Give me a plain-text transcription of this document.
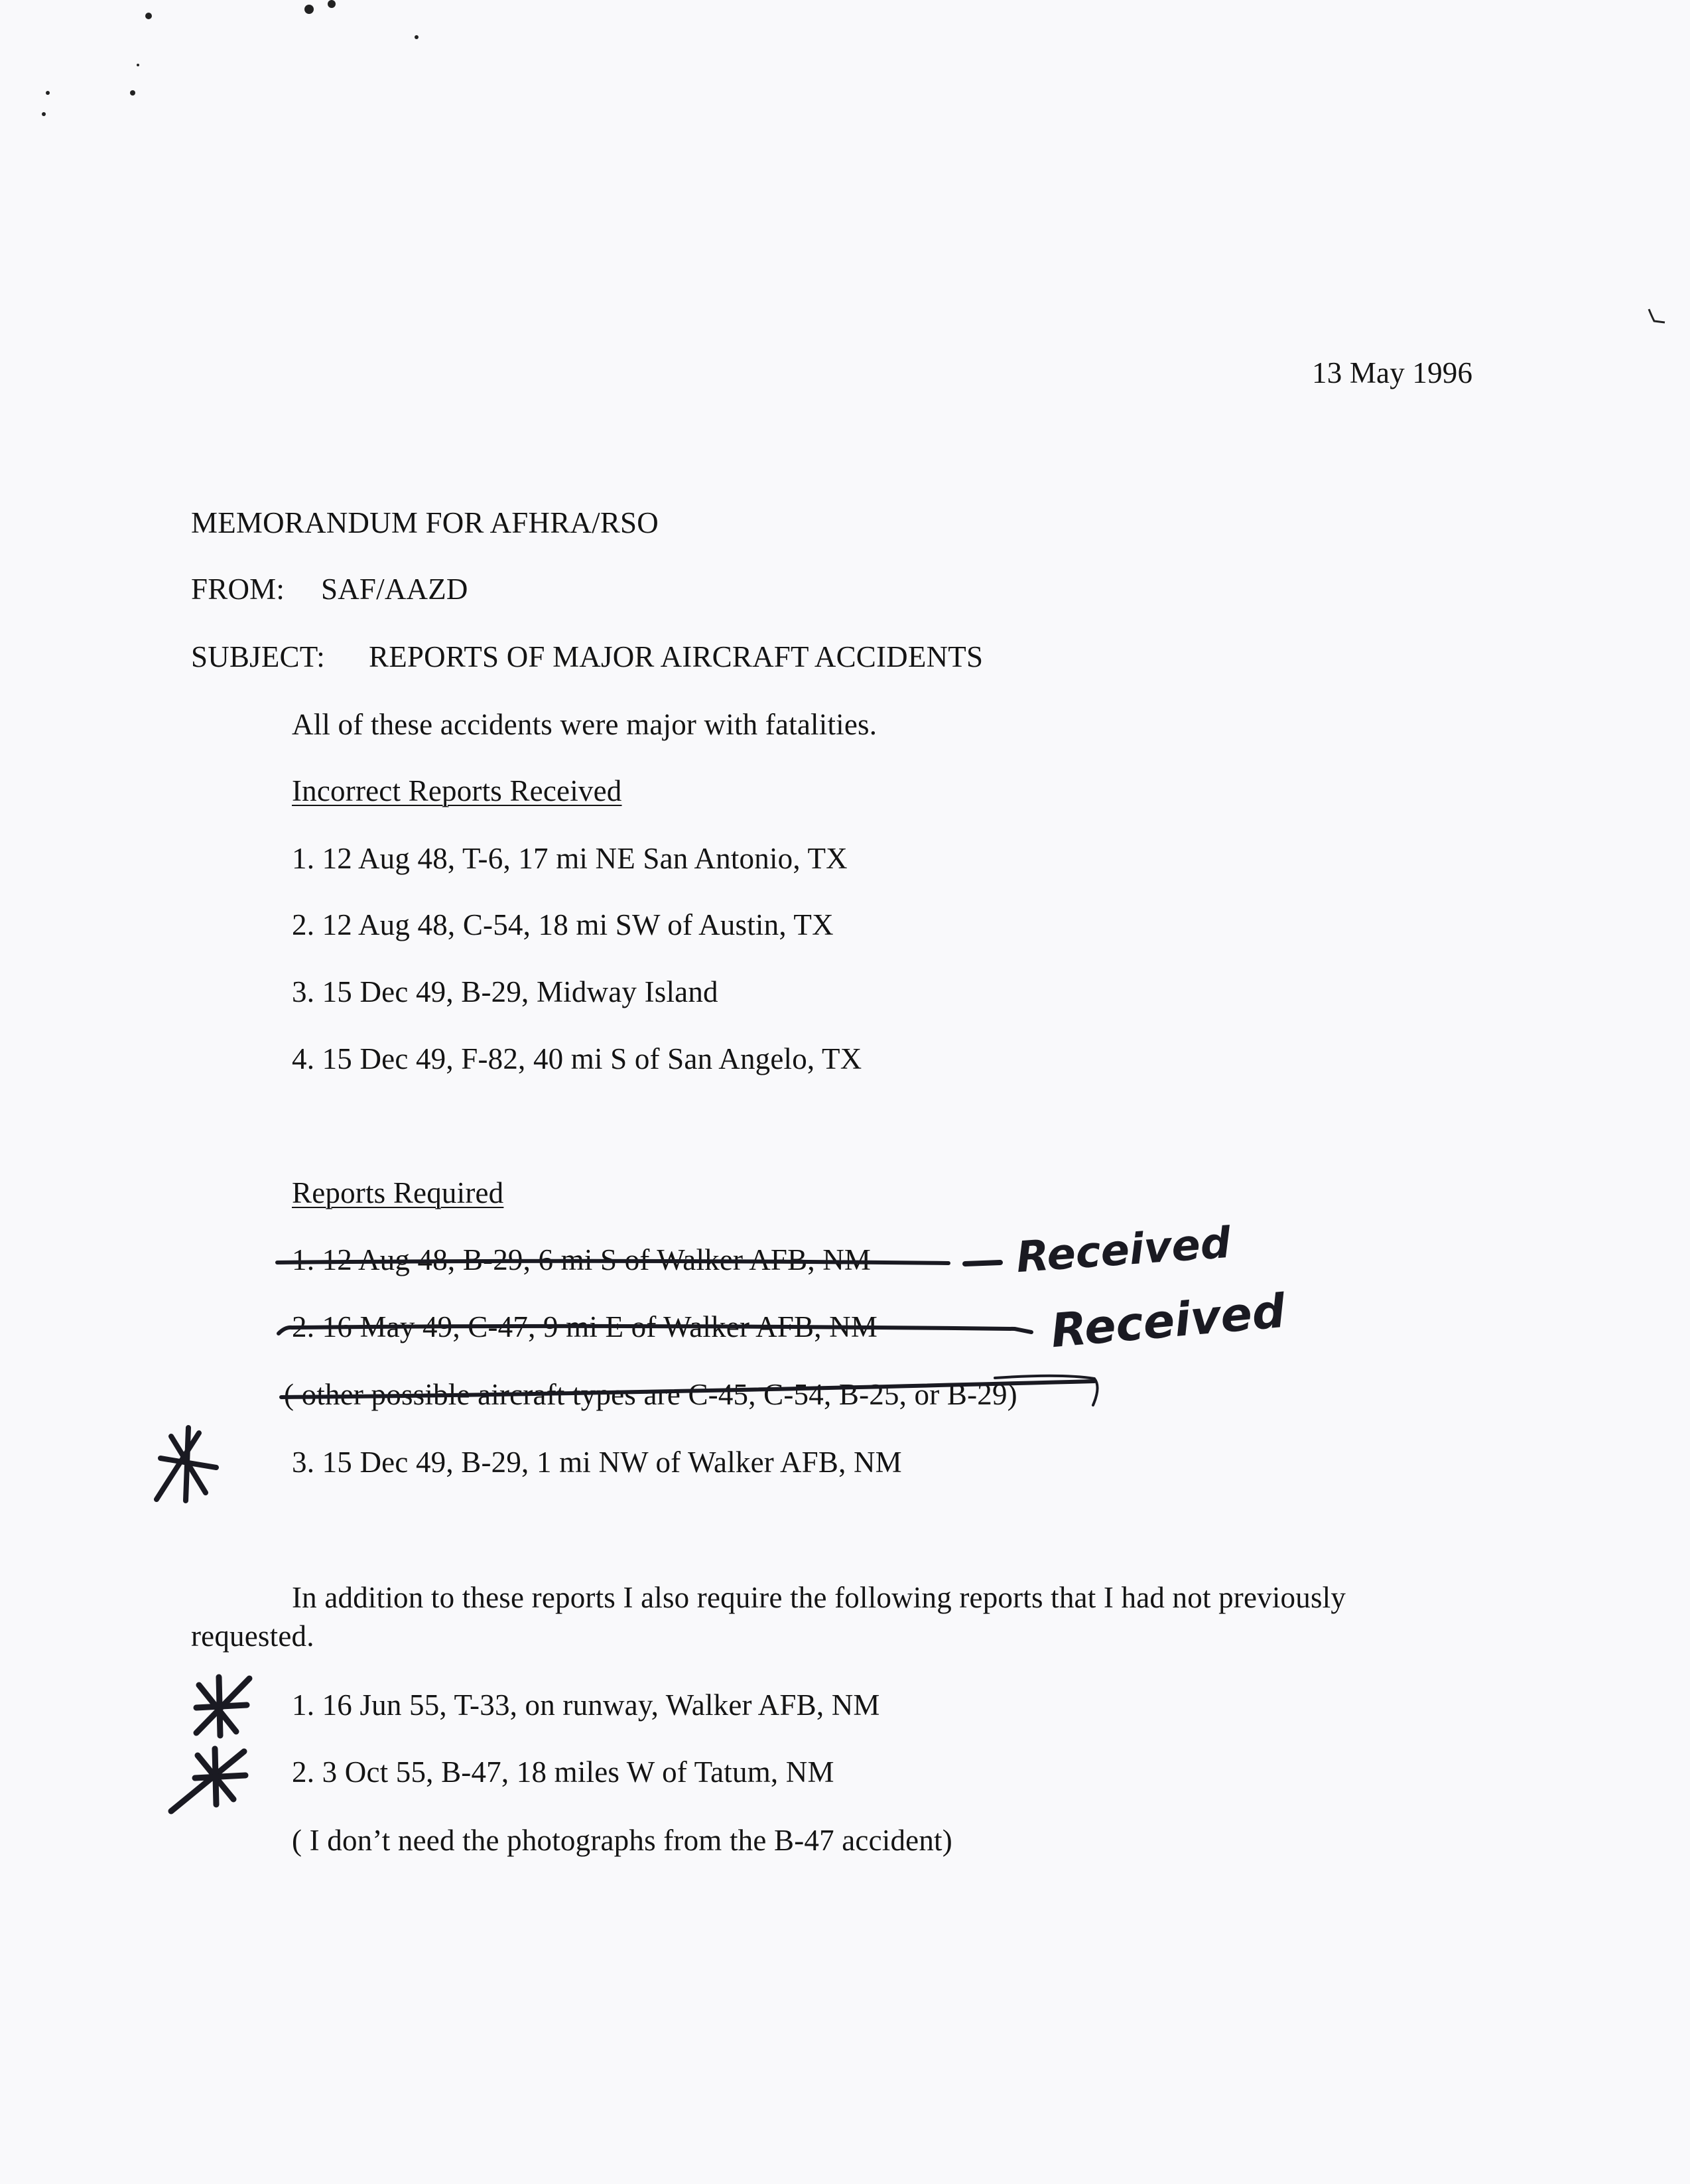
13 May 1996
MEMORANDUM FOR AFHRA/RSO
FROM: SAF/AAZD
SUBJECT: REPORTS OF MAJOR AIRCRAFT ACCIDENTS
All of these accidents were major with fatalities.
Incorrect Reports Received
1. 12 Aug 48, T-6, 17 mi NE San Antonio, TX
2. 12 Aug 48, C-54, 18 mi SW of Austin, TX
3. 15 Dec 49, B-29, Midway Island
4. 15 Dec 49, F-82, 40 mi S of San Angelo, TX
Reports Required
1. 12 Aug 48, B-29, 6 mi S of Walker AFB, NM
2. 16 May 49, C-47, 9 mi E of Walker AFB, NM
( other possible aircraft types are C-45, C-54, B-25, or B-29)
3. 15 Dec 49, B-29, 1 mi NW of Walker AFB, NM
Received
Received
In addition to these reports I also require the following reports that I had not previously
requested.
1. 16 Jun 55, T-33, on runway, Walker AFB, NM
2. 3 Oct 55, B-47, 18 miles W of Tatum, NM
( I don’t need the photographs from the B-47 accident)
